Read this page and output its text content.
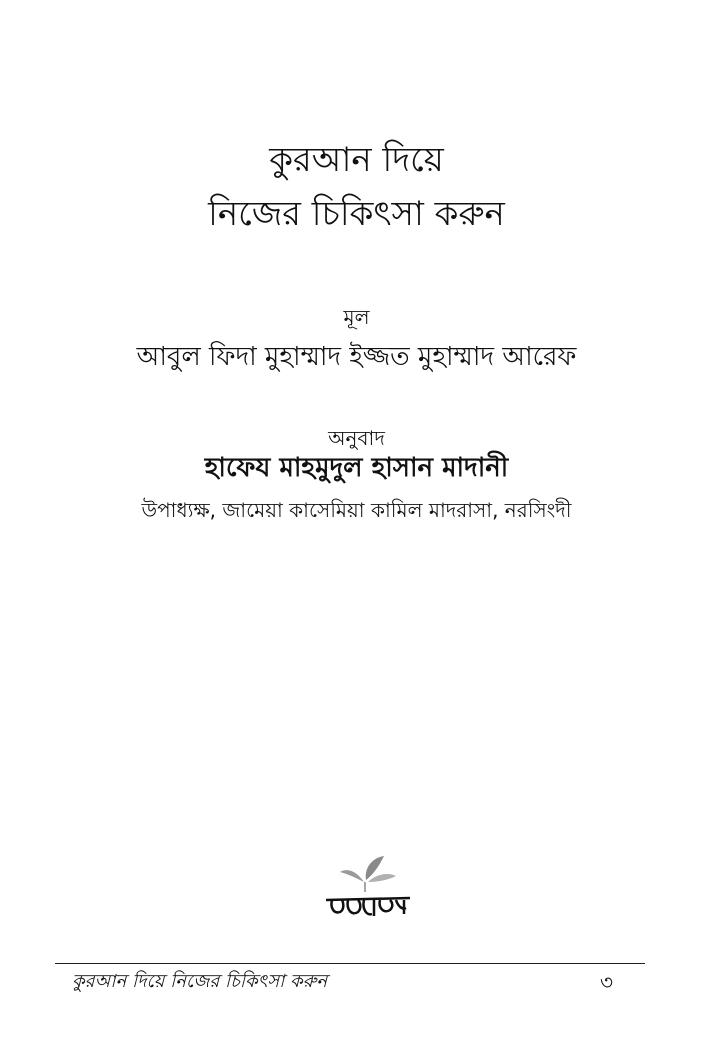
কুরআন দিয়ে
নিজের চিকিৎসা করুন
মূল
আবুল ফিদা মুহাম্মাদ ইজ্জত মুহাম্মাদ আরেফ
অনুবাদ
হাফেয মাহমুদুল হাসান মাদানী
উপাধ্যক্ষ, জামেয়া কাসেমিয়া কামিল মাদরাসা, নরসিংদী
কুরআন দিয়ে নিজের চিকিৎসা করুন	৩
